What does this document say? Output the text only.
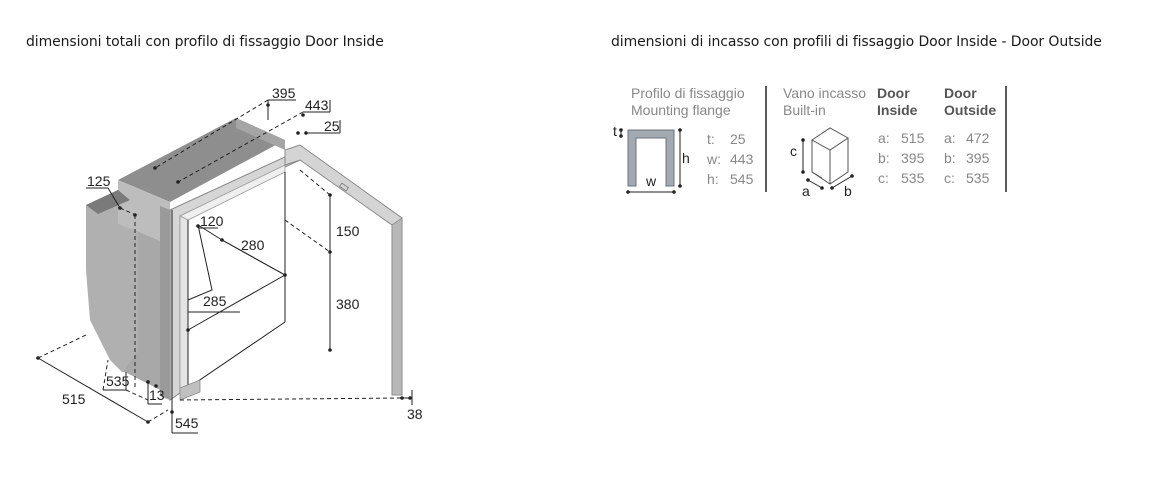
dimensioni totali con profilo di fissaggio Door Inside	dimensioni di incasso con profili di fissaggio Door Inside - Door Outside
395
443
25
125
120
280
150
380
285
535
13
515
545
38
Profilo di fissaggio
Mounting flange
t
h
w
t: 25
w: 443
h: 545
Vano incasso
Built-in
c
a b
Door
Inside
Door
Outside
a: 515
b: 395
c: 535
a: 472
b: 395
c: 535
